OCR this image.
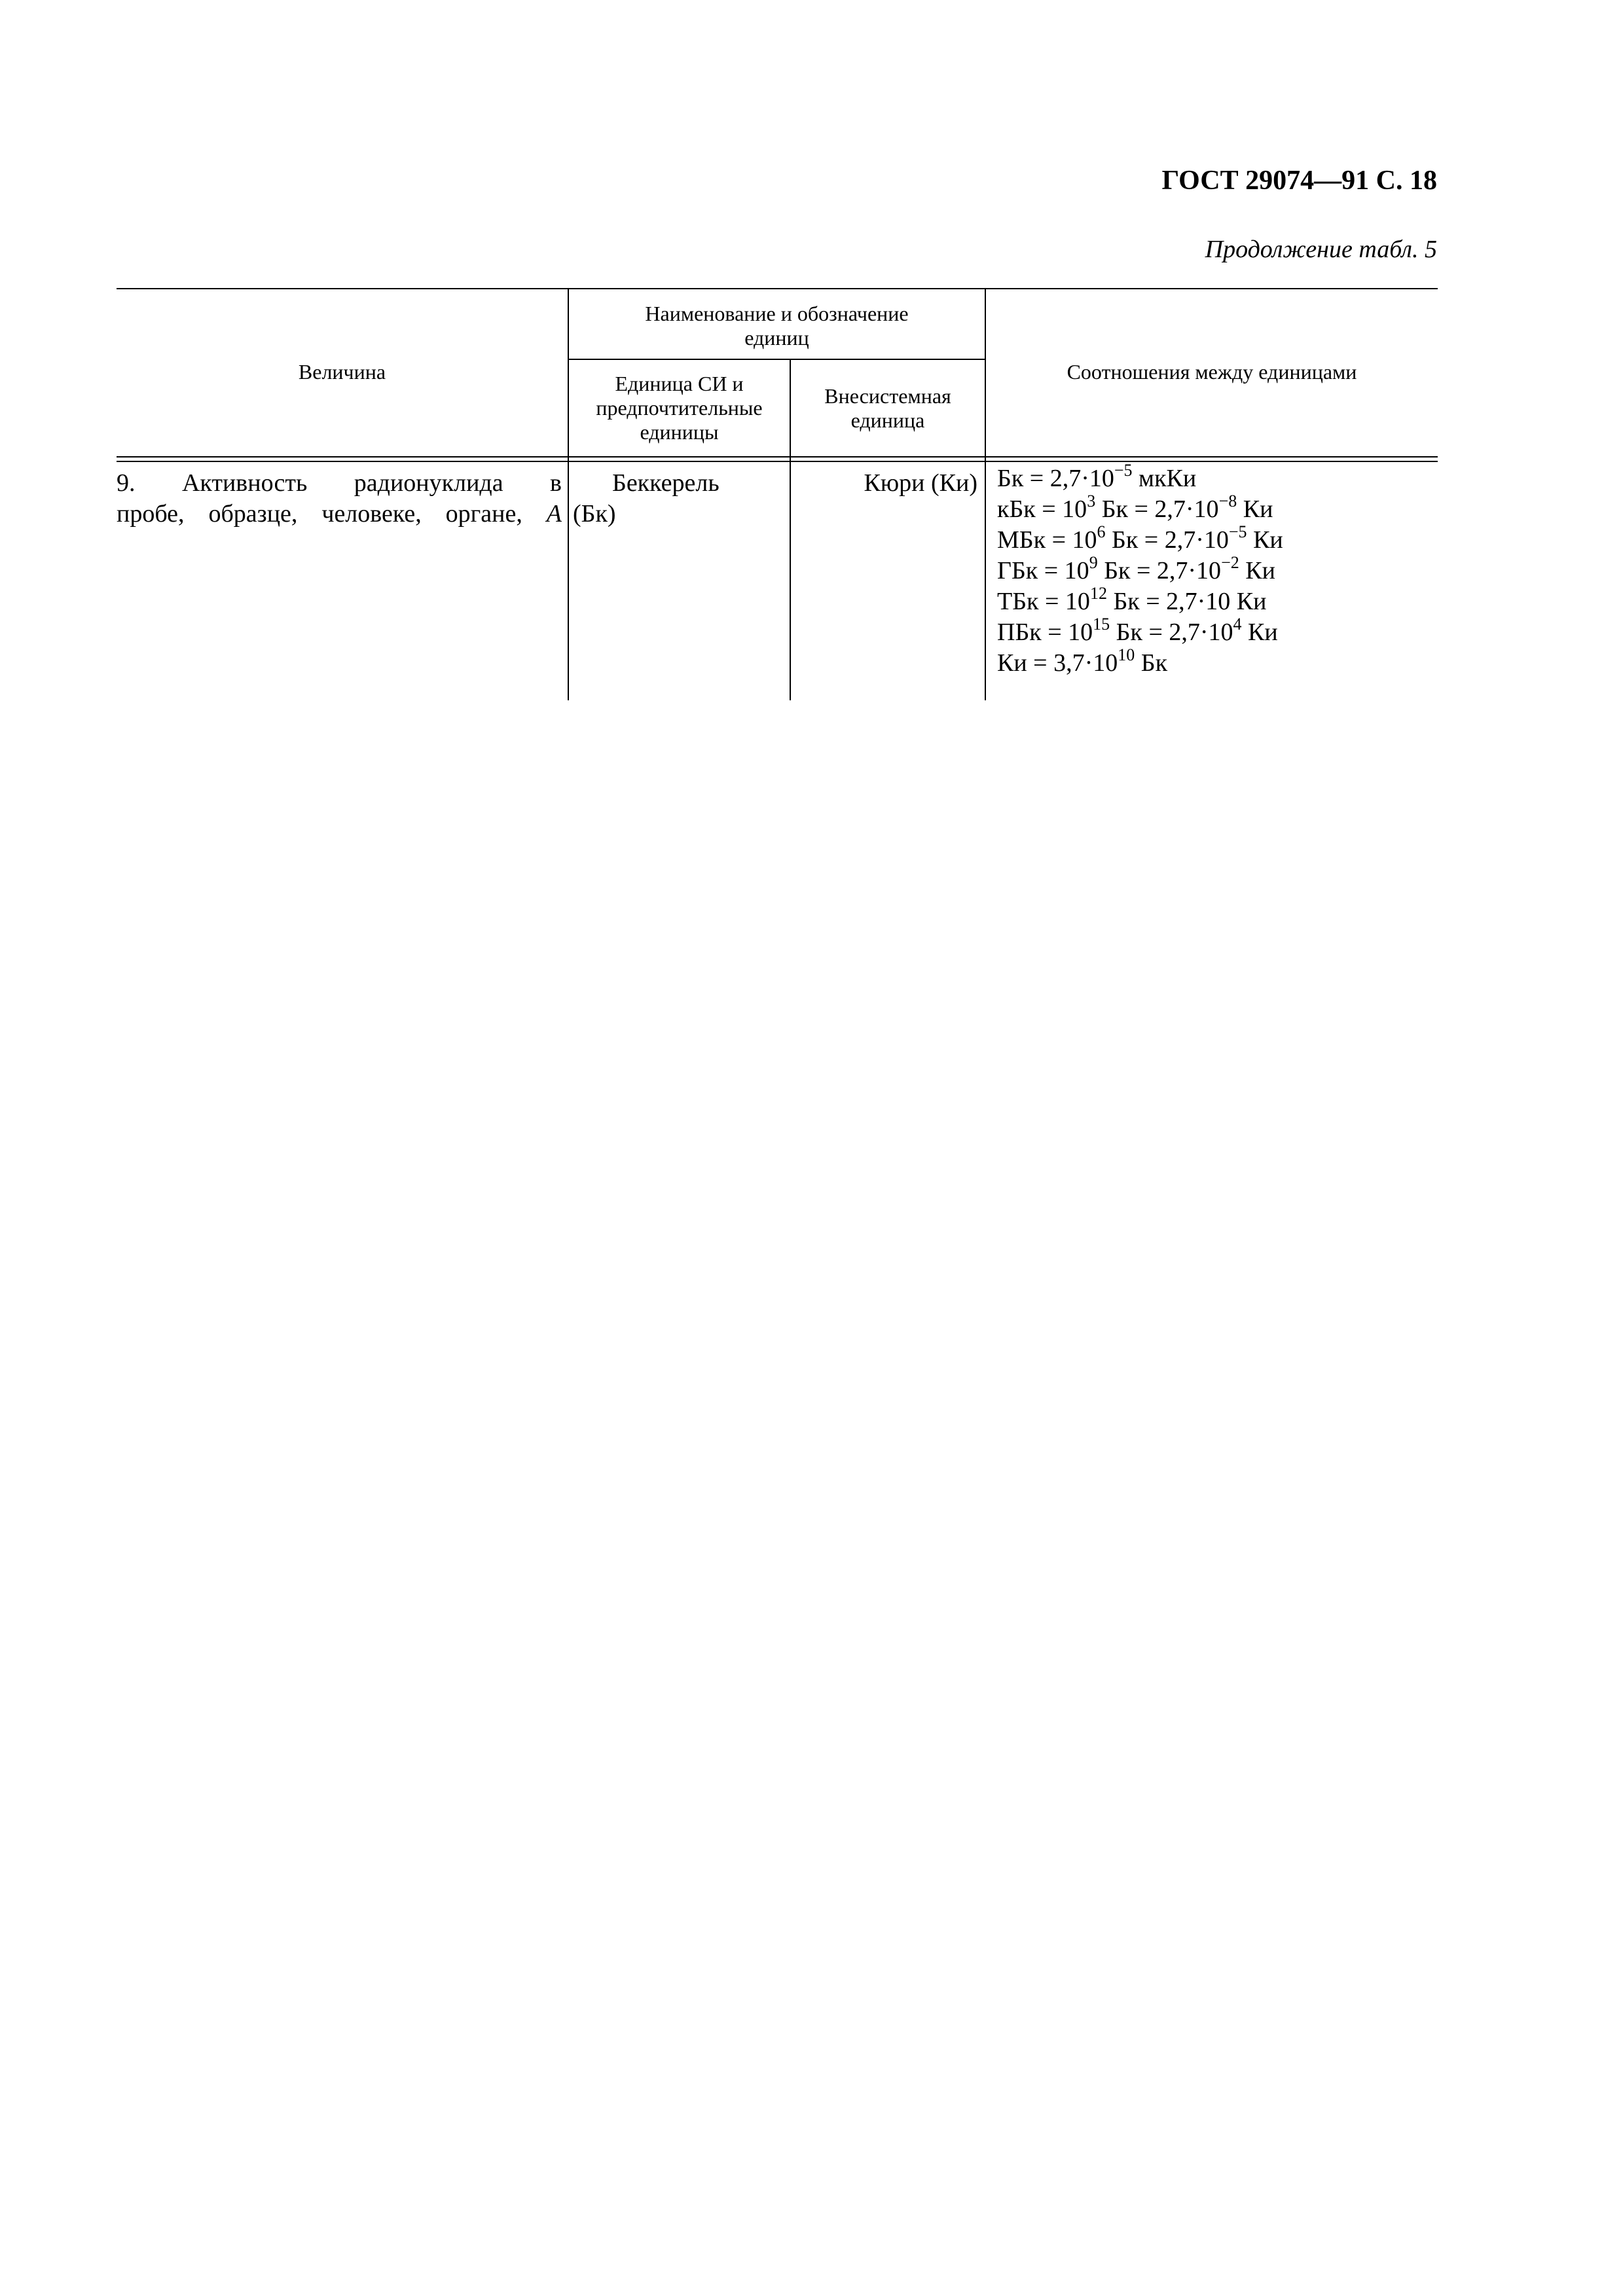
ГОСТ 29074—91 С. 18
Продолжение табл. 5
Величина
Наименование и обозначение
единиц
Единица СИ и
предпочтительные
единицы
Внесистемная
единица
Соотношения между единицами
9. Активность радионуклида в
пробе, образце, человеке, органе, A
Беккерель
(Бк)
Кюри (Ки) Бк = $2,7\cdot 10^{-5}$ мкКи
кБк = $10^3$ Бк = $2,7\cdot 10^{-8}$ Ки
МБк = $10^6$ Бк = $2,7\cdot 10^{-5}$ Ки
ГБк = $10^9$ Бк = $2,7\cdot 10^{-2}$ Ки
ТБк = $10^{12}$ Бк = 2,7·10 Ки
ПБк = $10^{15}$ Бк = $2,7\cdot 10^4$ Ки
Ки = $3,7\cdot 10^{10}$ Бк
